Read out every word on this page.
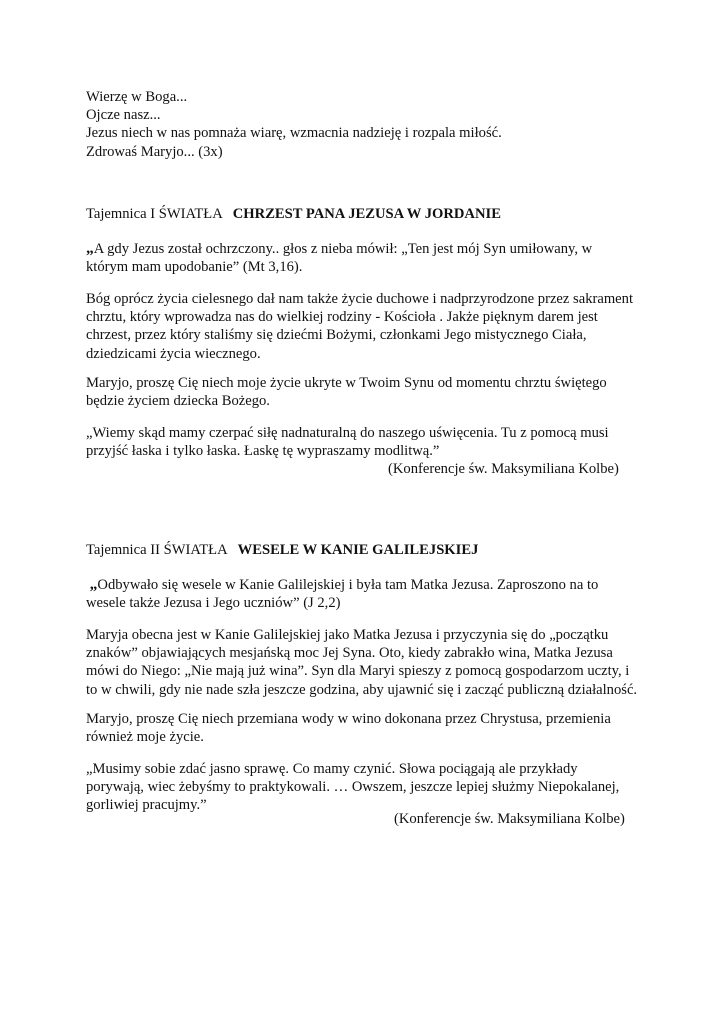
Wierzę w Boga...
Ojcze nasz...
Jezus niech w nas pomnaża wiarę, wzmacnia nadzieję i rozpala miłość.
Zdrowaś Maryjo... (3x)
Tajemnica I ŚWIATŁA CHRZEST PANA JEZUSA W JORDANIE
„A gdy Jezus został ochrzczony.. głos z nieba mówił: „Ten jest mój Syn umiłowany, w
którym mam upodobanie” (Mt 3,16).
Bóg oprócz życia cielesnego dał nam także życie duchowe i nadprzyrodzone przez sakrament
chrztu, który wprowadza nas do wielkiej rodziny - Kościoła . Jakże pięknym darem jest
chrzest, przez który staliśmy się dziećmi Bożymi, członkami Jego mistycznego Ciała,
dziedzicami życia wiecznego.
Maryjo, proszę Cię niech moje życie ukryte w Twoim Synu od momentu chrztu świętego
będzie życiem dziecka Bożego.
„Wiemy skąd mamy czerpać siłę nadnaturalną do naszego uświęcenia. Tu z pomocą musi
przyjść łaska i tylko łaska. Łaskę tę wypraszamy modlitwą.”
(Konferencje św. Maksymiliana Kolbe)
Tajemnica II ŚWIATŁA WESELE W KANIE GALILEJSKIEJ
„Odbywało się wesele w Kanie Galilejskiej i była tam Matka Jezusa. Zaproszono na to
wesele także Jezusa i Jego uczniów” (J 2,2)
Maryja obecna jest w Kanie Galilejskiej jako Matka Jezusa i przyczynia się do „początku
znaków” objawiających mesjańską moc Jej Syna. Oto, kiedy zabrakło wina, Matka Jezusa
mówi do Niego: „Nie mają już wina”. Syn dla Maryi spieszy z pomocą gospodarzom uczty, i
to w chwili, gdy nie nade szła jeszcze godzina, aby ujawnić się i zacząć publiczną działalność.
Maryjo, proszę Cię niech przemiana wody w wino dokonana przez Chrystusa, przemienia
również moje życie.
„Musimy sobie zdać jasno sprawę. Co mamy czynić. Słowa pociągają ale przykłady
porywają, wiec żebyśmy to praktykowali. … Owszem, jeszcze lepiej służmy Niepokalanej,
gorliwiej pracujmy.”
(Konferencje św. Maksymiliana Kolbe)
